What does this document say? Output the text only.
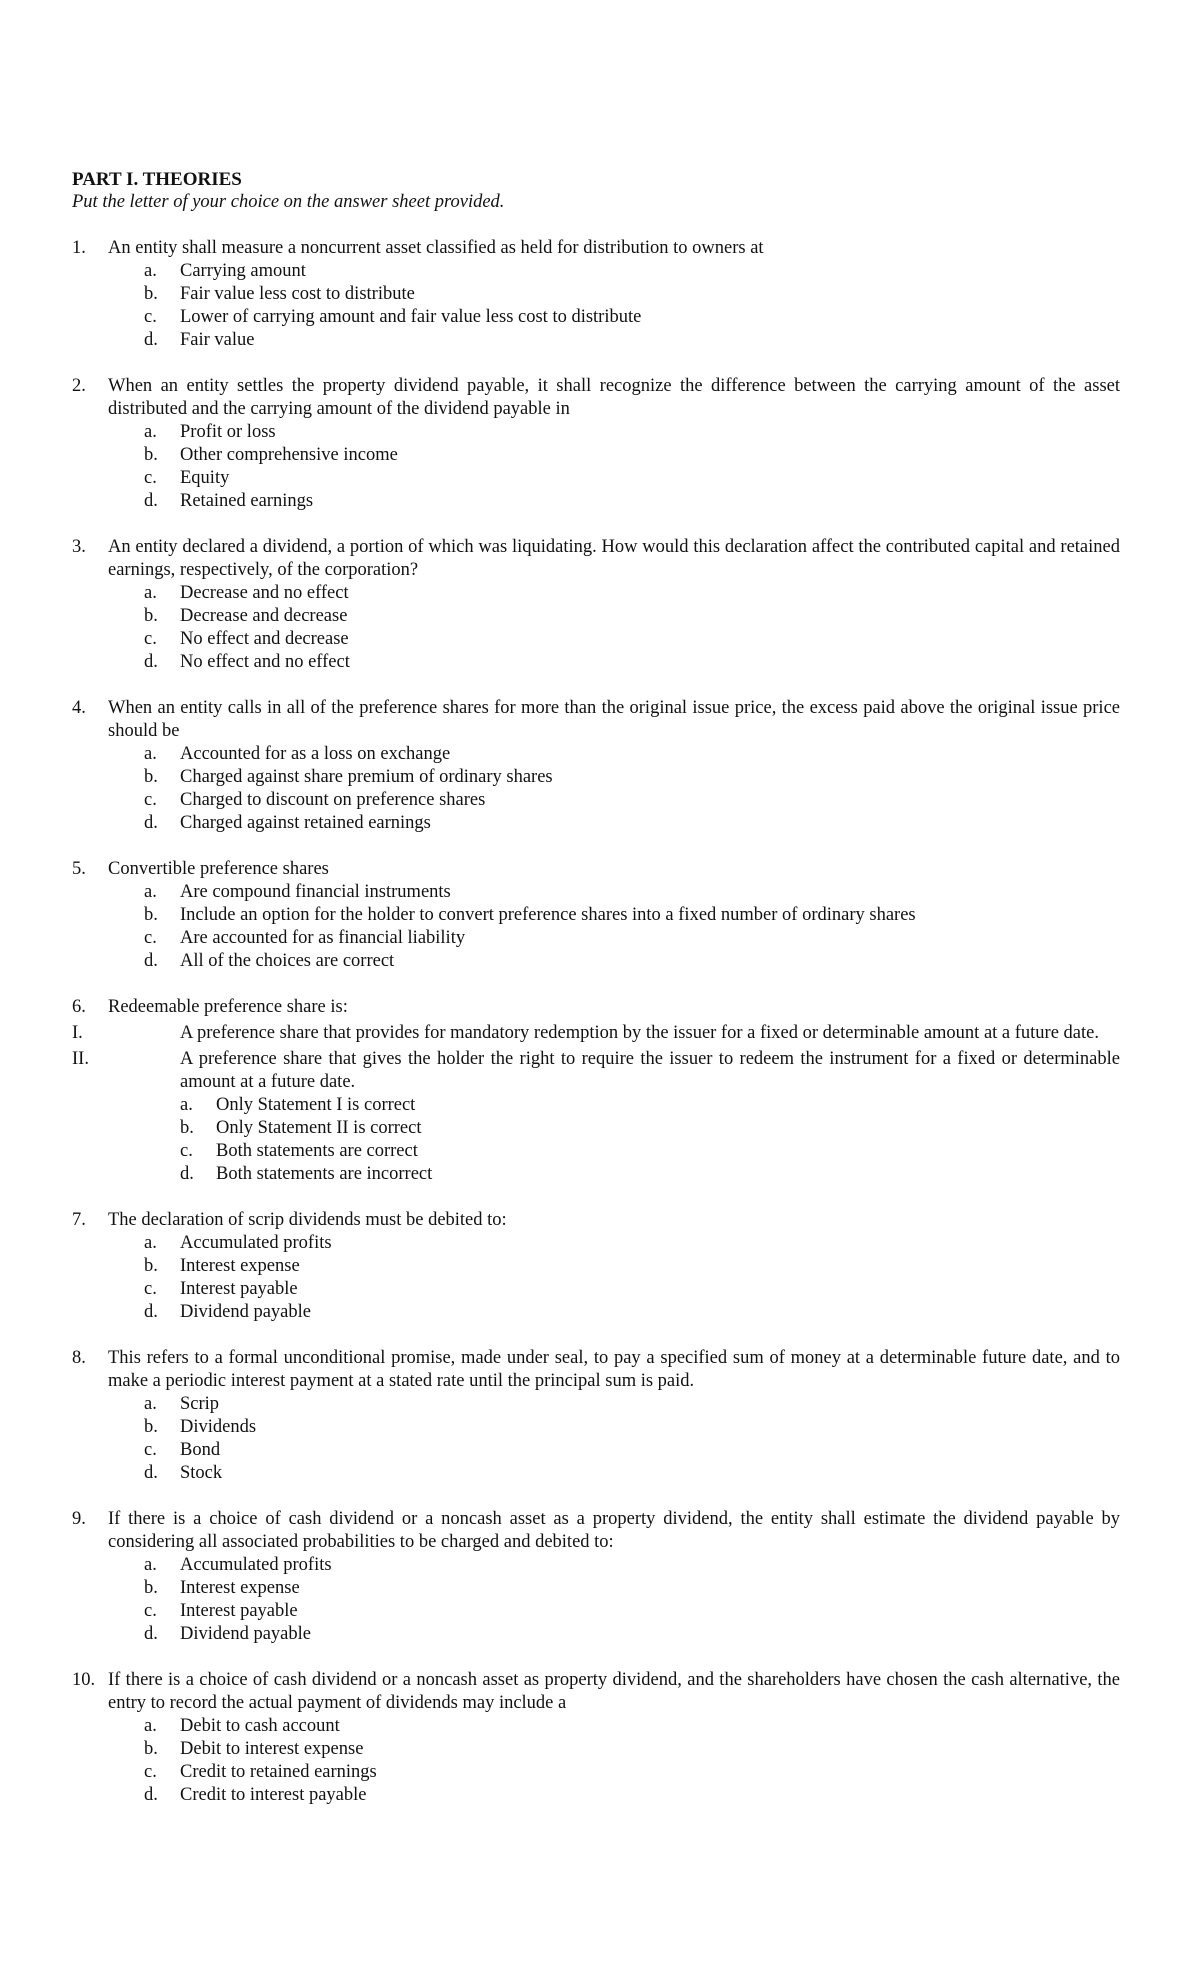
PART I. THEORIES

Put the letter of your choice on the answer sheet provided.

1.	An entity shall measure a noncurrent asset classified as held for distribution to owners at
a.	Carrying amount
b.	Fair value less cost to distribute
c.	Lower of carrying amount and fair value less cost to distribute
d.	Fair value
2.	When an entity settles the property dividend payable, it shall recognize the difference between the carrying amount of the asset distributed and the carrying amount of the dividend payable in
a.	Profit or loss
b.	Other comprehensive income
c.	Equity
d.	Retained earnings
3.	An entity declared a dividend, a portion of which was liquidating. How would this declaration affect the contributed capital and retained earnings, respectively, of the corporation?
a.	Decrease and no effect
b.	Decrease and decrease
c.	No effect and decrease
d.	No effect and no effect
4.	When an entity calls in all of the preference shares for more than the original issue price, the excess paid above the original issue price should be
a.	Accounted for as a loss on exchange
b.	Charged against share premium of ordinary shares
c.	Charged to discount on preference shares
d.	Charged against retained earnings
5.	Convertible preference shares
a.	Are compound financial instruments
b.	Include an option for the holder to convert preference shares into a fixed number of ordinary shares
c.	Are accounted for as financial liability
d.	All of the choices are correct
6.	Redeemable preference share is:
I.	A preference share that provides for mandatory redemption by the issuer for a fixed or determinable amount at a future date.
II.	A preference share that gives the holder the right to require the issuer to redeem the instrument for a fixed or determinable amount at a future date.
a.	Only Statement I is correct
b.	Only Statement II is correct
c.	Both statements are correct
d.	Both statements are incorrect
7.	The declaration of scrip dividends must be debited to:
a.	Accumulated profits
b.	Interest expense
c.	Interest payable
d.	Dividend payable
8.	This refers to a formal unconditional promise, made under seal, to pay a specified sum of money at a determinable future date, and to make a periodic interest payment at a stated rate until the principal sum is paid.
a.	Scrip
b.	Dividends
c.	Bond
d.	Stock
9.	If there is a choice of cash dividend or a noncash asset as a property dividend, the entity shall estimate the dividend payable by considering all associated probabilities to be charged and debited to:
a.	Accumulated profits
b.	Interest expense
c.	Interest payable
d.	Dividend payable
10. If there is a choice of cash dividend or a noncash asset as property dividend, and the shareholders have chosen the cash alternative, the entry to record the actual payment of dividends may include a
a.	Debit to cash account
b.	Debit to interest expense
c.	Credit to retained earnings
d.	Credit to interest payable
